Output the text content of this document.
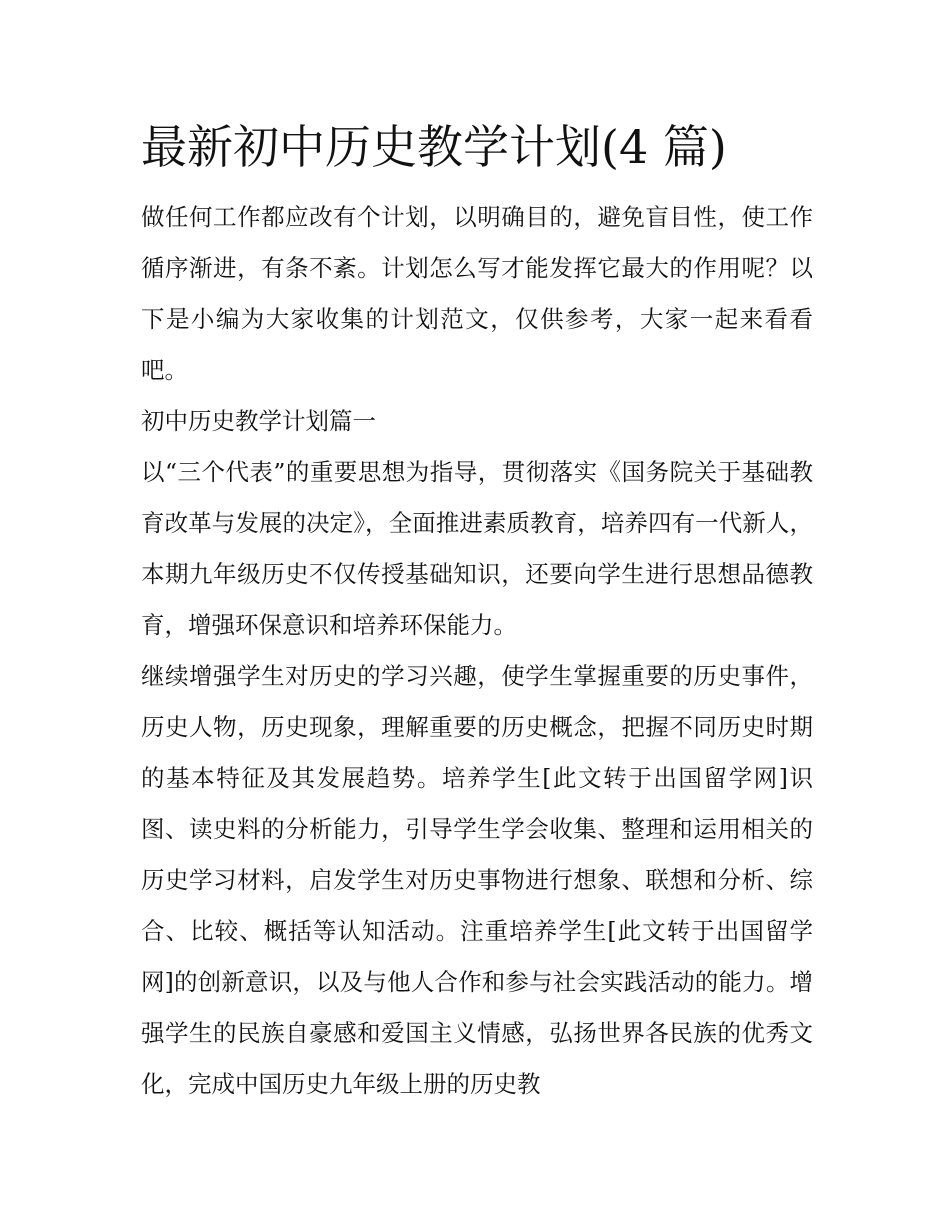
最新初中历史教学计划(4 篇)

做任何工作都应改有个计划，以明确目的，避免盲目性，使工作循序渐进，有条不紊。计划怎么写才能发挥它最大的作用呢？以下是小编为大家收集的计划范文，仅供参考，大家一起来看看吧。

初中历史教学计划篇一

以“三个代表”的重要思想为指导，贯彻落实《国务院关于基础教育改革与发展的决定》，全面推进素质教育，培养四有一代新人，本期九年级历史不仅传授基础知识，还要向学生进行思想品德教育，增强环保意识和培养环保能力。

继续增强学生对历史的学习兴趣，使学生掌握重要的历史事件，历史人物，历史现象，理解重要的历史概念，把握不同历史时期的基本特征及其发展趋势。培养学生[此文转于出国留学网]识图、读史料的分析能力，引导学生学会收集、整理和运用相关的历史学习材料，启发学生对历史事物进行想象、联想和分析、综合、比较、概括等认知活动。注重培养学生[此文转于出国留学网]的创新意识，以及与他人合作和参与社会实践活动的能力。增强学生的民族自豪感和爱国主义情感，弘扬世界各民族的优秀文化，完成中国历史九年级上册的历史教
